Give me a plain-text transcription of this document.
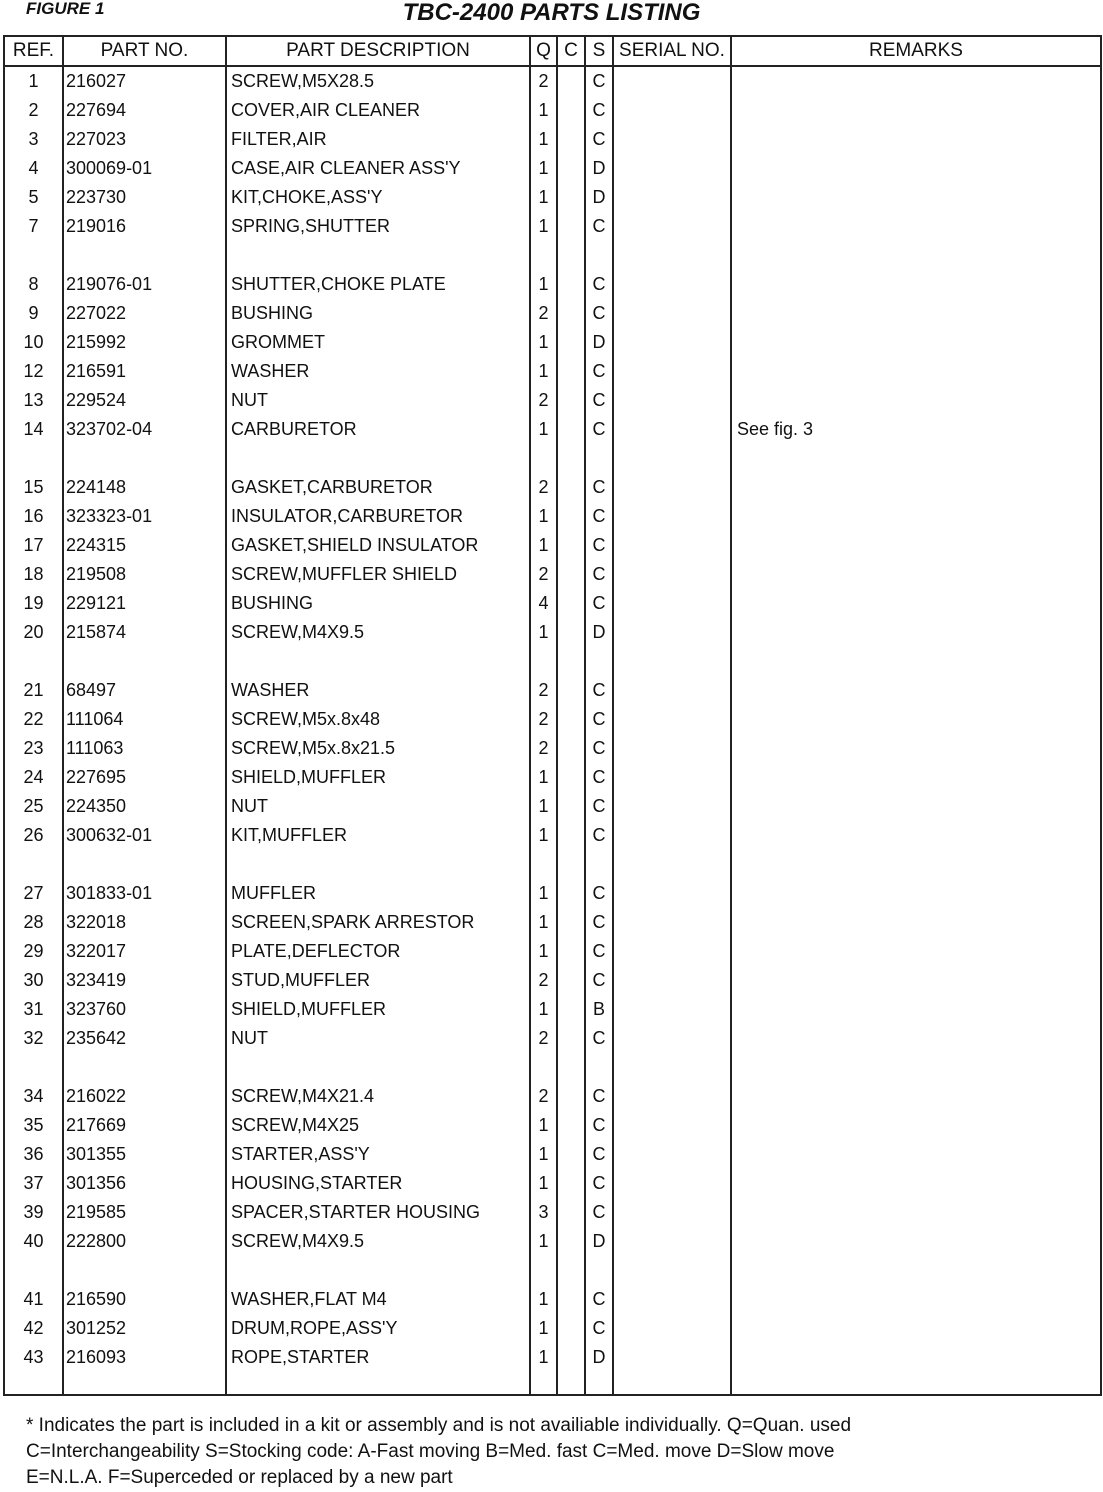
FIGURE 1	TBC-2400 PARTS LISTING
REF.	PART NO.	PART DESCRIPTION	Q	C	S	SERIAL NO.	REMARKS
1	216027	SCREW,M5X28.5	2		C		
2	227694	COVER,AIR CLEANER	1		C		
3	227023	FILTER,AIR	1		C		
4	300069-01	CASE,AIR CLEANER ASS'Y	1		D		
5	223730	KIT,CHOKE,ASS'Y	1		D		
7	219016	SPRING,SHUTTER	1		C		

8	219076-01	SHUTTER,CHOKE PLATE	1		C		
9	227022	BUSHING	2		C		
10	215992	GROMMET	1		D		
12	216591	WASHER	1		C		
13	229524	NUT	2		C		
14	323702-04	CARBURETOR	1		C		See fig. 3

15	224148	GASKET,CARBURETOR	2		C		
16	323323-01	INSULATOR,CARBURETOR	1		C		
17	224315	GASKET,SHIELD INSULATOR	1		C		
18	219508	SCREW,MUFFLER SHIELD	2		C		
19	229121	BUSHING	4		C		
20	215874	SCREW,M4X9.5	1		D		

21	68497	WASHER	2		C		
22	111064	SCREW,M5x.8x48	2		C		
23	111063	SCREW,M5x.8x21.5	2		C		
24	227695	SHIELD,MUFFLER	1		C		
25	224350	NUT	1		C		
26	300632-01	KIT,MUFFLER	1		C		

27	301833-01	MUFFLER	1		C		
28	322018	SCREEN,SPARK ARRESTOR	1		C		
29	322017	PLATE,DEFLECTOR	1		C		
30	323419	STUD,MUFFLER	2		C		
31	323760	SHIELD,MUFFLER	1		B		
32	235642	NUT	2		C		

34	216022	SCREW,M4X21.4	2		C		
35	217669	SCREW,M4X25	1		C		
36	301355	STARTER,ASS'Y	1		C		
37	301356	HOUSING,STARTER	1		C		
39	219585	SPACER,STARTER HOUSING	3		C		
40	222800	SCREW,M4X9.5	1		D		

41	216590	WASHER,FLAT M4	1		C		
42	301252	DRUM,ROPE,ASS'Y	1		C		
43	216093	ROPE,STARTER	1		D		

* Indicates the part is included in a kit or assembly and is not availiable individually. Q=Quan. used

C=Interchangeability S=Stocking code: A-Fast moving B=Med. fast C=Med. move D=Slow move

E=N.L.A. F=Superceded or replaced by a new part
